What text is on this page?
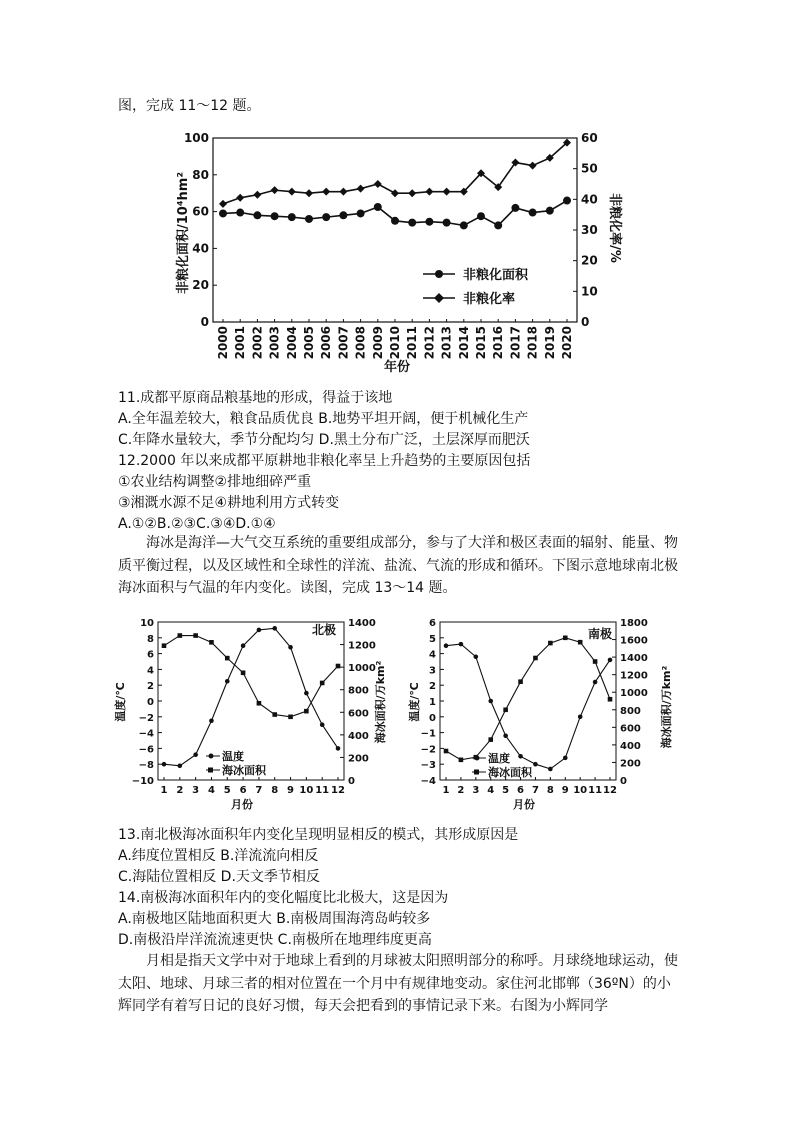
图，完成 11～12 题。
100
80
60
40
20
0
60
50
40
30
20
10
0
2000 2001 2002 2003 2004 2005 2006 2007 2008 2009 2010 2011 2012 2013 2014 2015 2016 2017 2018 2019 2020
非粮化面积/10⁴hm²	非粮化率/%
年份
非粮化面积
非粮化率
11.成都平原商品粮基地的形成，得益于该地
A.全年温差较大，粮食品质优良 B.地势平坦开阔，便于机械化生产
C.年降水量较大，季节分配均匀 D.黑土分布广泛，土层深厚而肥沃
12.2000 年以来成都平原耕地非粮化率呈上升趋势的主要原因包括
①农业结构调整②排地细碎严重
③湘溉水源不足④耕地利用方式转变
A.①②B.②③C.③④D.①④
海冰是海洋—大气交互系统的重要组成部分，参与了大洋和极区表面的辐射、能量、物质平衡过程，以及区域性和全球性的洋流、盐流、气流的形成和循环。下图示意地球南北极海冰面积与气温的年内变化。读图，完成 13～14 题。
10
8
6
4
2
0
−2
−4
−6
−8
−10
1400
1200
1000
800
600
400
200
0
1 2 3 4 5 6 7 8 9 10 11 12
北极
温度/℃	海冰面积/万km²
月份
温度
海冰面积
6
5
4
3
2
1
0
−1
−2
−3
−4
1800
1600
1400
1200
1000
800
600
400
200
0
1 2 3 4 5 6 7 8 9 10 11 12
南极
温度/℃	海冰面积/万km²
月份
温度
海冰面积
13.南北极海冰面积年内变化呈现明显相反的模式，其形成原因是
A.纬度位置相反 B.洋流流向相反
C.海陆位置相反 D.天文季节相反
14.南极海冰面积年内的变化幅度比北极大，这是因为
A.南极地区陆地面积更大 B.南极周围海湾岛屿较多
D.南极沿岸洋流流速更快 C.南极所在地理纬度更高
月相是指天文学中对于地球上看到的月球被太阳照明部分的称呼。月球绕地球运动，使太阳、地球、月球三者的相对位置在一个月中有规律地变动。家住河北邯郸（36ºN）的小辉同学有着写日记的良好习惯，每天会把看到的事情记录下来。右图为小辉同学
